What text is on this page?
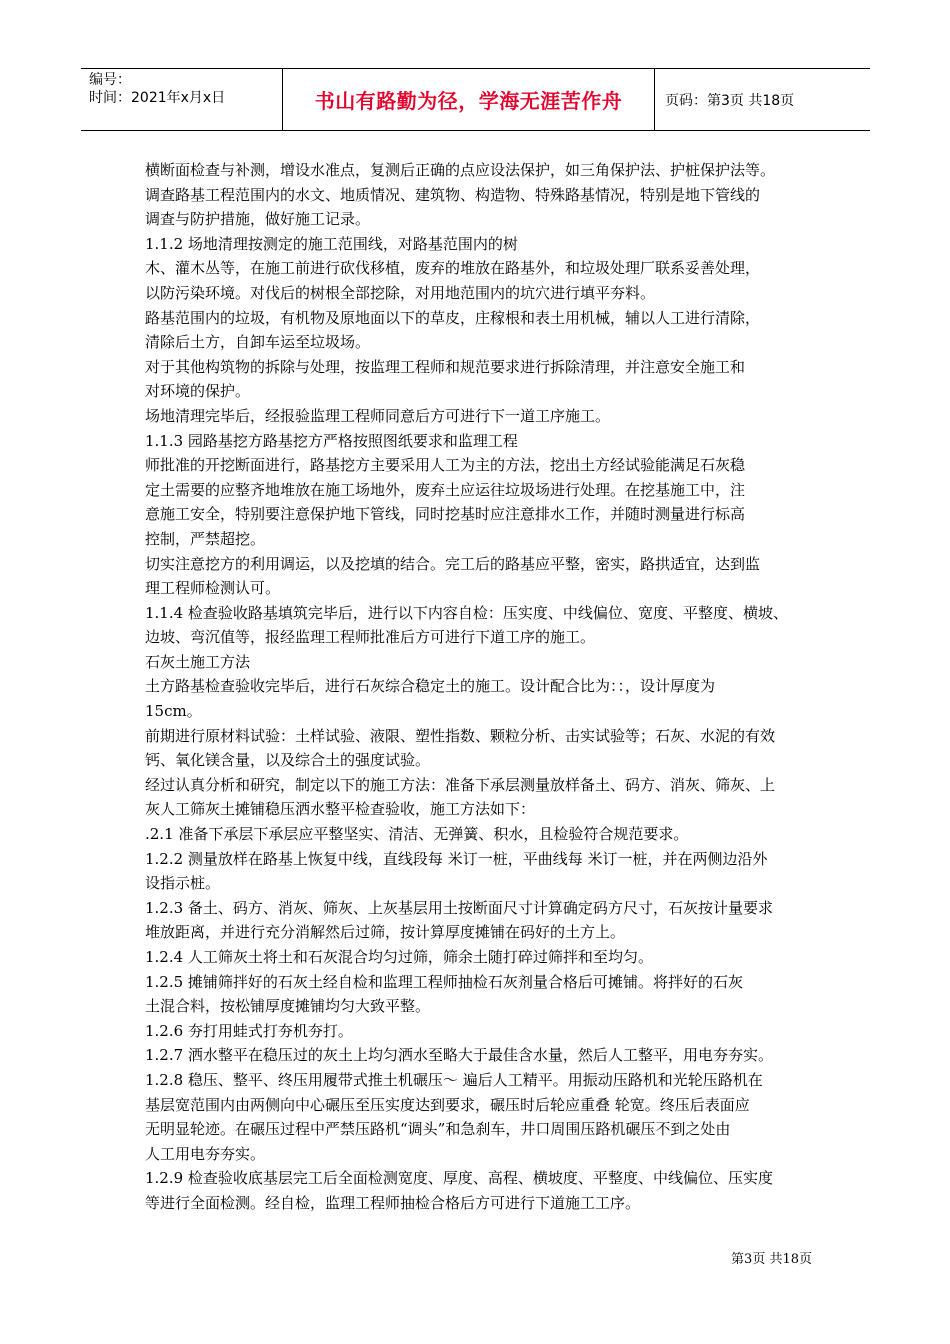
编号：
时间：2021年x月x日	书山有路勤为径，学海无涯苦作舟	页码：第3页 共18页

横断面检查与补测，增设水准点，复测后正确的点应设法保护，如三角保护法、护桩保护法等。

调查路基工程范围内的水文、地质情况、建筑物、构造物、特殊路基情况，特别是地下管线的

调查与防护措施，做好施工记录。

1.1.2 场地清理按测定的施工范围线，对路基范围内的树

木、灌木丛等，在施工前进行砍伐移植，废弃的堆放在路基外，和垃圾处理厂联系妥善处理，

以防污染环境。对伐后的树根全部挖除，对用地范围内的坑穴进行填平夯料。

路基范围内的垃圾，有机物及原地面以下的草皮，庄稼根和表土用机械，辅以人工进行清除，

清除后土方，自卸车运至垃圾场。

对于其他构筑物的拆除与处理，按监理工程师和规范要求进行拆除清理，并注意安全施工和

对环境的保护。

场地清理完毕后，经报验监理工程师同意后方可进行下一道工序施工。

1.1.3 园路基挖方路基挖方严格按照图纸要求和监理工程

师批准的开挖断面进行，路基挖方主要采用人工为主的方法，挖出土方经试验能满足石灰稳

定土需要的应整齐地堆放在施工场地外，废弃土应运往垃圾场进行处理。在挖基施工中，注

意施工安全，特别要注意保护地下管线，同时挖基时应注意排水工作，并随时测量进行标高

控制，严禁超挖。

切实注意挖方的利用调运，以及挖填的结合。完工后的路基应平整，密实，路拱适宜，达到监

理工程师检测认可。

1.1.4 检查验收路基填筑完毕后，进行以下内容自检：压实度、中线偏位、宽度、平整度、横坡、

边坡、弯沉值等，报经监理工程师批准后方可进行下道工序的施工。

石灰土施工方法

土方路基检查验收完毕后，进行石灰综合稳定土的施工。设计配合比为：：，设计厚度为

15cm。

前期进行原材料试验：土样试验、液限、塑性指数、颗粒分析、击实试验等；石灰、水泥的有效

钙、氧化镁含量，以及综合土的强度试验。

经过认真分析和研究，制定以下的施工方法：准备下承层测量放样备土、码方、消灰、筛灰、上

灰人工筛灰土摊铺稳压洒水整平检查验收，施工方法如下：

.2.1 准备下承层下承层应平整坚实、清洁、无弹簧、积水，且检验符合规范要求。

1.2.2 测量放样在路基上恢复中线，直线段每 米订一桩，平曲线每 米订一桩，并在两侧边沿外

设指示桩。

1.2.3 备土、码方、消灰、筛灰、上灰基层用土按断面尺寸计算确定码方尺寸，石灰按计量要求

堆放距离，并进行充分消解然后过筛，按计算厚度摊铺在码好的土方上。

1.2.4 人工筛灰土将土和石灰混合均匀过筛，筛余土随打碎过筛拌和至均匀。

1.2.5 摊铺筛拌好的石灰土经自检和监理工程师抽检石灰剂量合格后可摊铺。将拌好的石灰

土混合料，按松铺厚度摊铺均匀大致平整。

1.2.6 夯打用蛙式打夯机夯打。

1.2.7 洒水整平在稳压过的灰土上均匀洒水至略大于最佳含水量，然后人工整平，用电夯夯实。

1.2.8 稳压、整平、终压用履带式推土机碾压～ 遍后人工精平。用振动压路机和光轮压路机在

基层宽范围内由两侧向中心碾压至压实度达到要求，碾压时后轮应重叠 轮宽。终压后表面应

无明显轮迹。在碾压过程中严禁压路机“调头”和急刹车，井口周围压路机碾压不到之处由

人工用电夯夯实。

1.2.9 检查验收底基层完工后全面检测宽度、厚度、高程、横坡度、平整度、中线偏位、压实度

等进行全面检测。经自检，监理工程师抽检合格后方可进行下道施工工序。

第3页 共18页
